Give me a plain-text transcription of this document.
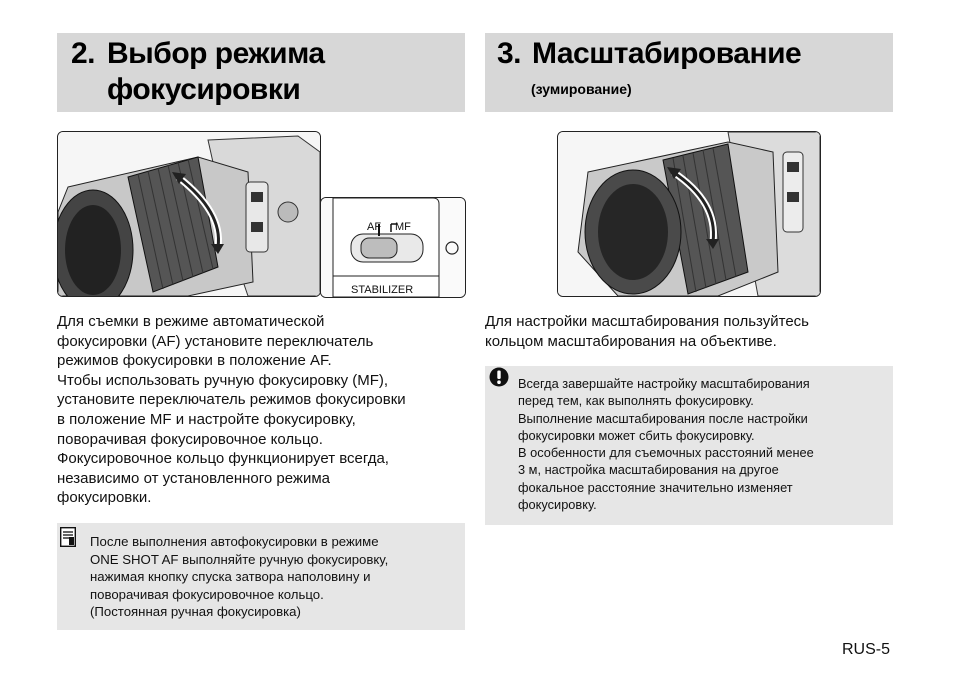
2. Выбор режима
фокусировки
3. Масштабирование
(зумирование)
AF MF
STABILIZER

Для съемки в режиме автоматической

фокусировки (AF) установите переключатель

режимов фокусировки в положение AF.

Чтобы использовать ручную фокусировку (MF),

установите переключатель режимов фокусировки

в положение MF и настройте фокусировку,

поворачивая фокусировочное кольцо.

Фокусировочное кольцо функционирует всегда,

независимо от установленного режима

фокусировки.

Для настройки масштабирования пользуйтесь

кольцом масштабирования на объективе.

После выполнения автофокусировки в режиме

ONE SHOT AF выполняйте ручную фокусировку,

нажимая кнопку спуска затвора наполовину и

поворачивая фокусировочное кольцо.

(Постоянная ручная фокусировка)

Всегда завершайте настройку масштабирования

перед тем, как выполнять фокусировку.

Выполнение масштабирования после настройки

фокусировки может сбить фокусировку.

В особенности для съемочных расстояний менее

3 м, настройка масштабирования на другое

фокальное расстояние значительно изменяет

фокусировку.

RUS-5
